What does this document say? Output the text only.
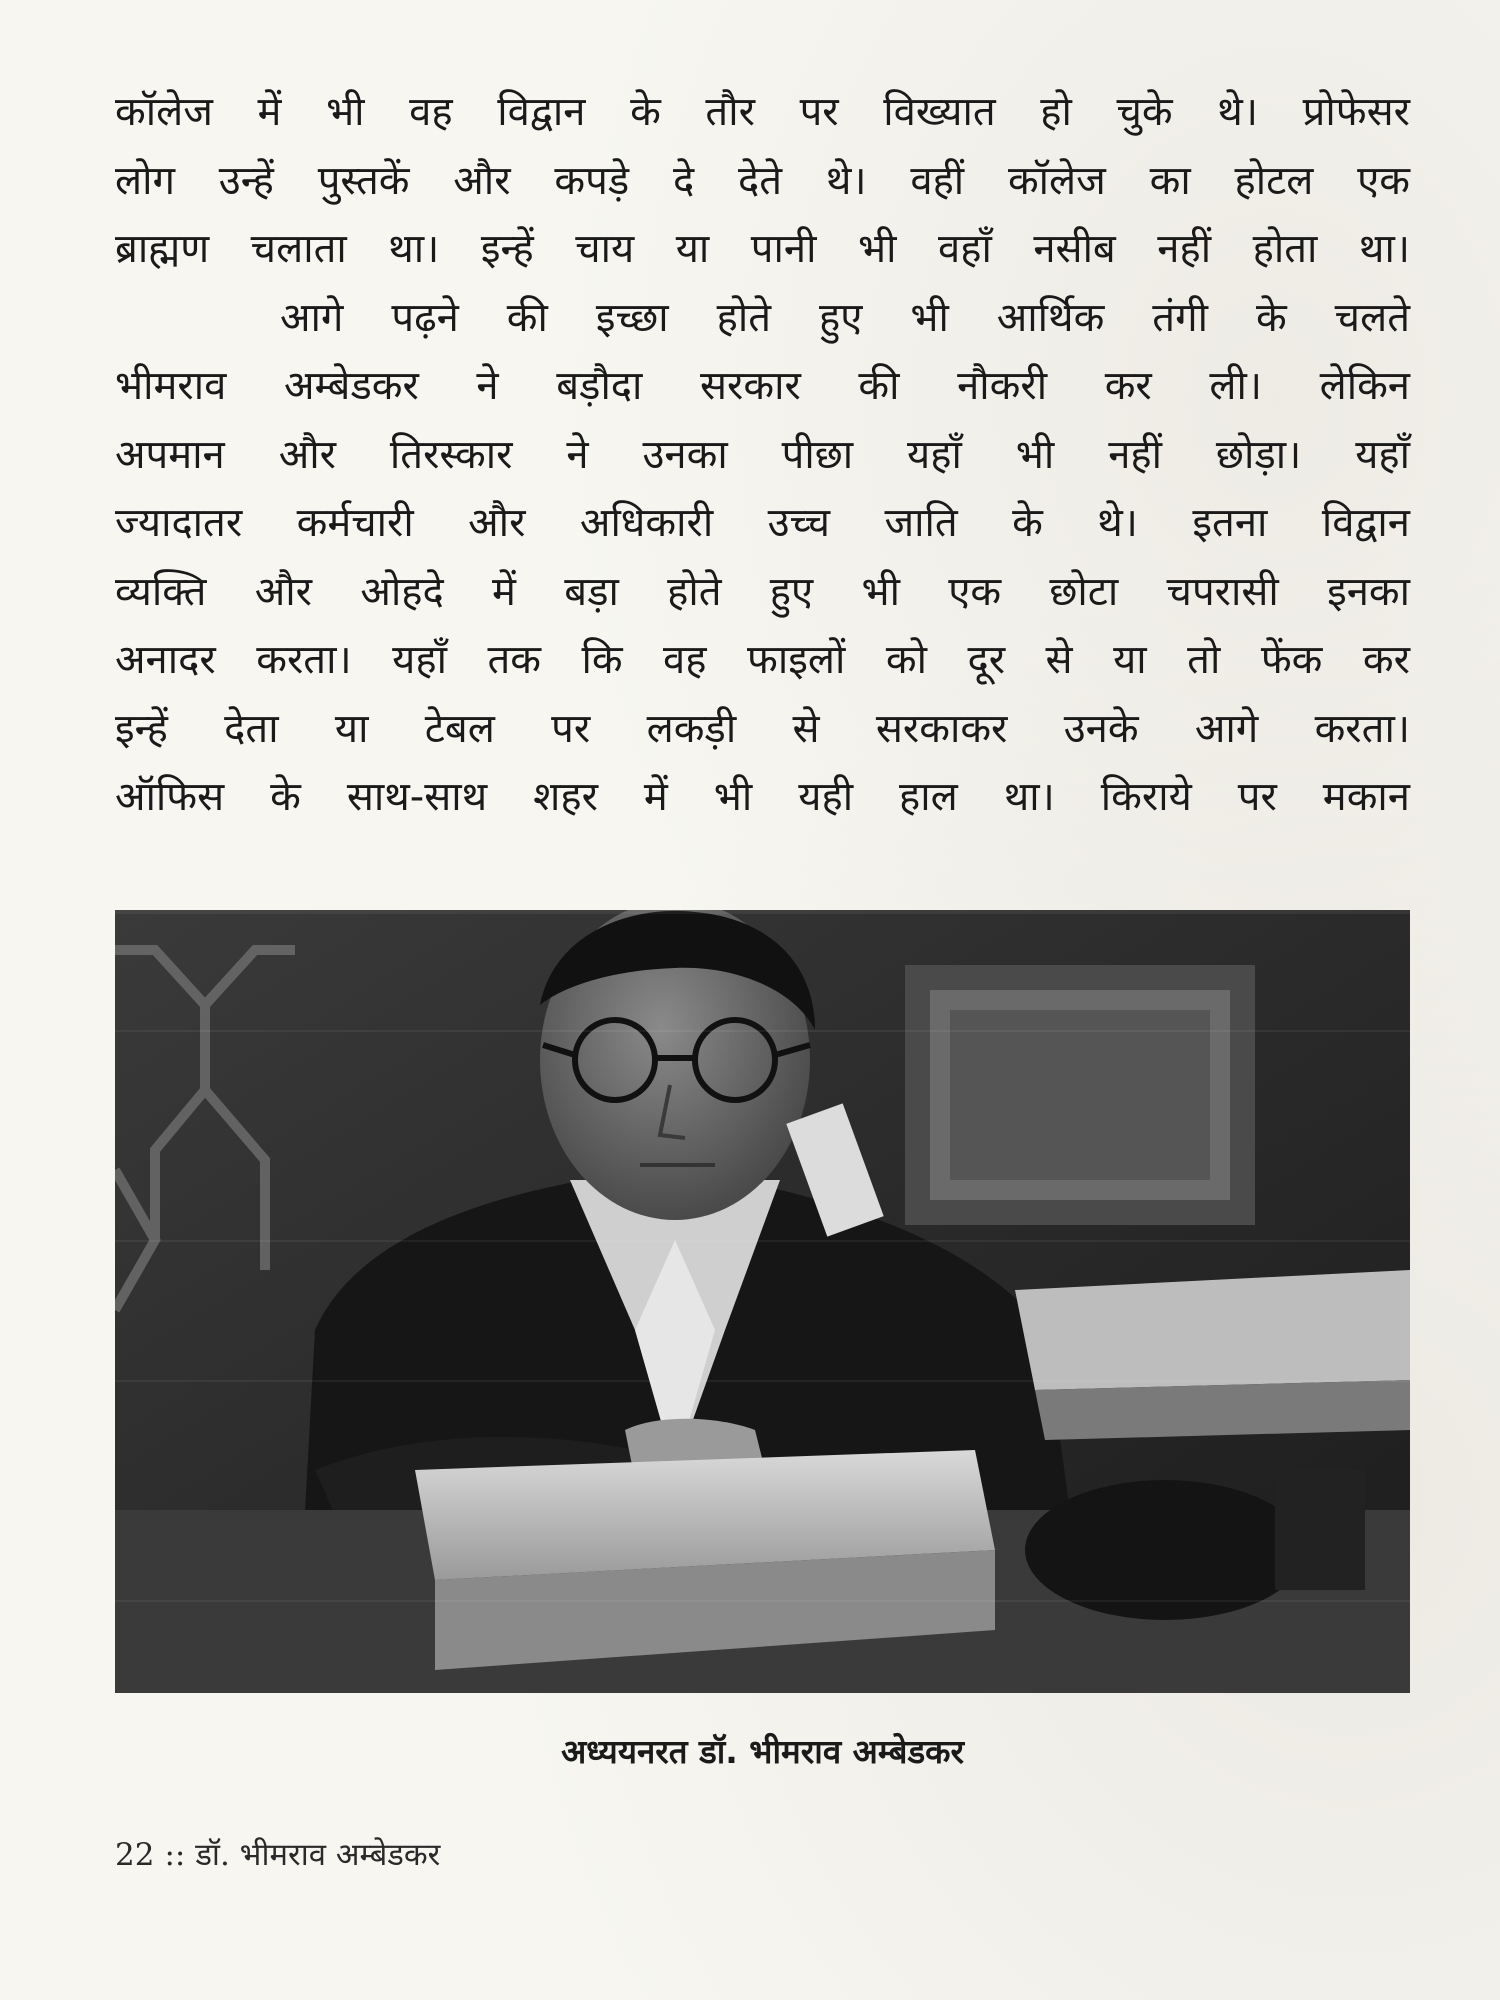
कॉलेज में भी वह विद्वान के तौर पर विख्यात हो चुके थे। प्रोफेसर
लोग उन्हें पुस्तकें और कपड़े दे देते थे। वहीं कॉलेज का होटल एक
ब्राह्मण चलाता था। इन्हें चाय या पानी भी वहाँ नसीब नहीं होता था।
आगे पढ़ने की इच्छा होते हुए भी आर्थिक तंगी के चलते
भीमराव अम्बेडकर ने बड़ौदा सरकार की नौकरी कर ली। लेकिन
अपमान और तिरस्कार ने उनका पीछा यहाँ भी नहीं छोड़ा। यहाँ
ज्यादातर कर्मचारी और अधिकारी उच्च जाति के थे। इतना विद्वान
व्यक्ति और ओहदे में बड़ा होते हुए भी एक छोटा चपरासी इनका
अनादर करता। यहाँ तक कि वह फाइलों को दूर से या तो फेंक कर
इन्हें देता या टेबल पर लकड़ी से सरकाकर उनके आगे करता।
ऑफिस के साथ-साथ शहर में भी यही हाल था। किराये पर मकान

अध्ययनरत डॉ. भीमराव अम्बेडकर

22 :: डॉ. भीमराव अम्बेडकर
